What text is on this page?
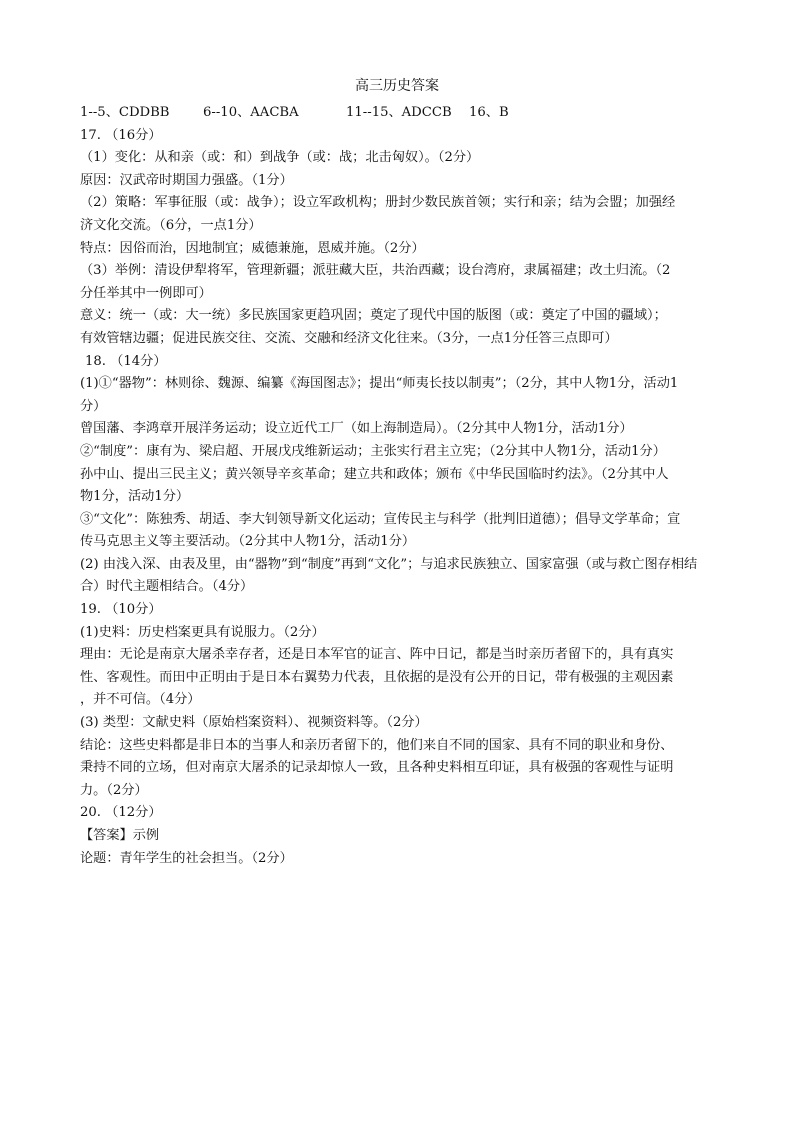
高三历史答案
1--5、CDDBB	6--10、AACBA	11--15、ADCCB 16、B
17. （16分）
（1）变化：从和亲（或：和）到战争（或：战；北击匈奴）。（2分）
原因：汉武帝时期国力强盛。（1分）
（2）策略：军事征服（或：战争）；设立军政机构；册封少数民族首领；实行和亲；结为会盟；加强经
济文化交流。（6分，一点1分）
特点：因俗而治，因地制宜；威德兼施，恩威并施。（2分）
（3）举例：清设伊犁将军，管理新疆；派驻藏大臣，共治西藏；设台湾府，隶属福建；改土归流。（2
分任举其中一例即可）
意义：统一（或：大一统）多民族国家更趋巩固；奠定了现代中国的版图（或：奠定了中国的疆域）；
有效管辖边疆；促进民族交往、交流、交融和经济文化往来。（3分，一点1分任答三点即可）
18. （14分）
(1)①“器物”：林则徐、魏源、编纂《海国图志》；提出“师夷长技以制夷”；（2分，其中人物1分，活动1
分）
曾国藩、李鸿章开展洋务运动；设立近代工厂（如上海制造局）。（2分其中人物1分，活动1分）
②“制度”：康有为、梁启超、开展戊戌维新运动；主张实行君主立宪；（2分其中人物1分，活动1分）
孙中山、提出三民主义；黄兴领导辛亥革命；建立共和政体；颁布《中华民国临时约法》。（2分其中人
物1分，活动1分）
③“文化”：陈独秀、胡适、李大钊领导新文化运动；宣传民主与科学（批判旧道德）；倡导文学革命；宣
传马克思主义等主要活动。（2分其中人物1分，活动1分）
(2) 由浅入深、由表及里，由“器物”到“制度”再到“文化”；与追求民族独立、国家富强（或与救亡图存相结
合）时代主题相结合。（4分）
19. （10分）
(1)史料：历史档案更具有说服力。（2分）
理由：无论是南京大屠杀幸存者，还是日本军官的证言、阵中日记，都是当时亲历者留下的，具有真实
性、客观性。而田中正明由于是日本右翼势力代表，且依据的是没有公开的日记，带有极强的主观因素
，并不可信。（4分）
(3) 类型：文献史料（原始档案资料）、视频资料等。（2分）
结论：这些史料都是非日本的当事人和亲历者留下的，他们来自不同的国家、具有不同的职业和身份、
秉持不同的立场，但对南京大屠杀的记录却惊人一致，且各种史料相互印证，具有极强的客观性与证明
力。（2分）
20. （12分）
【答案】示例
论题：青年学生的社会担当。（2分）
